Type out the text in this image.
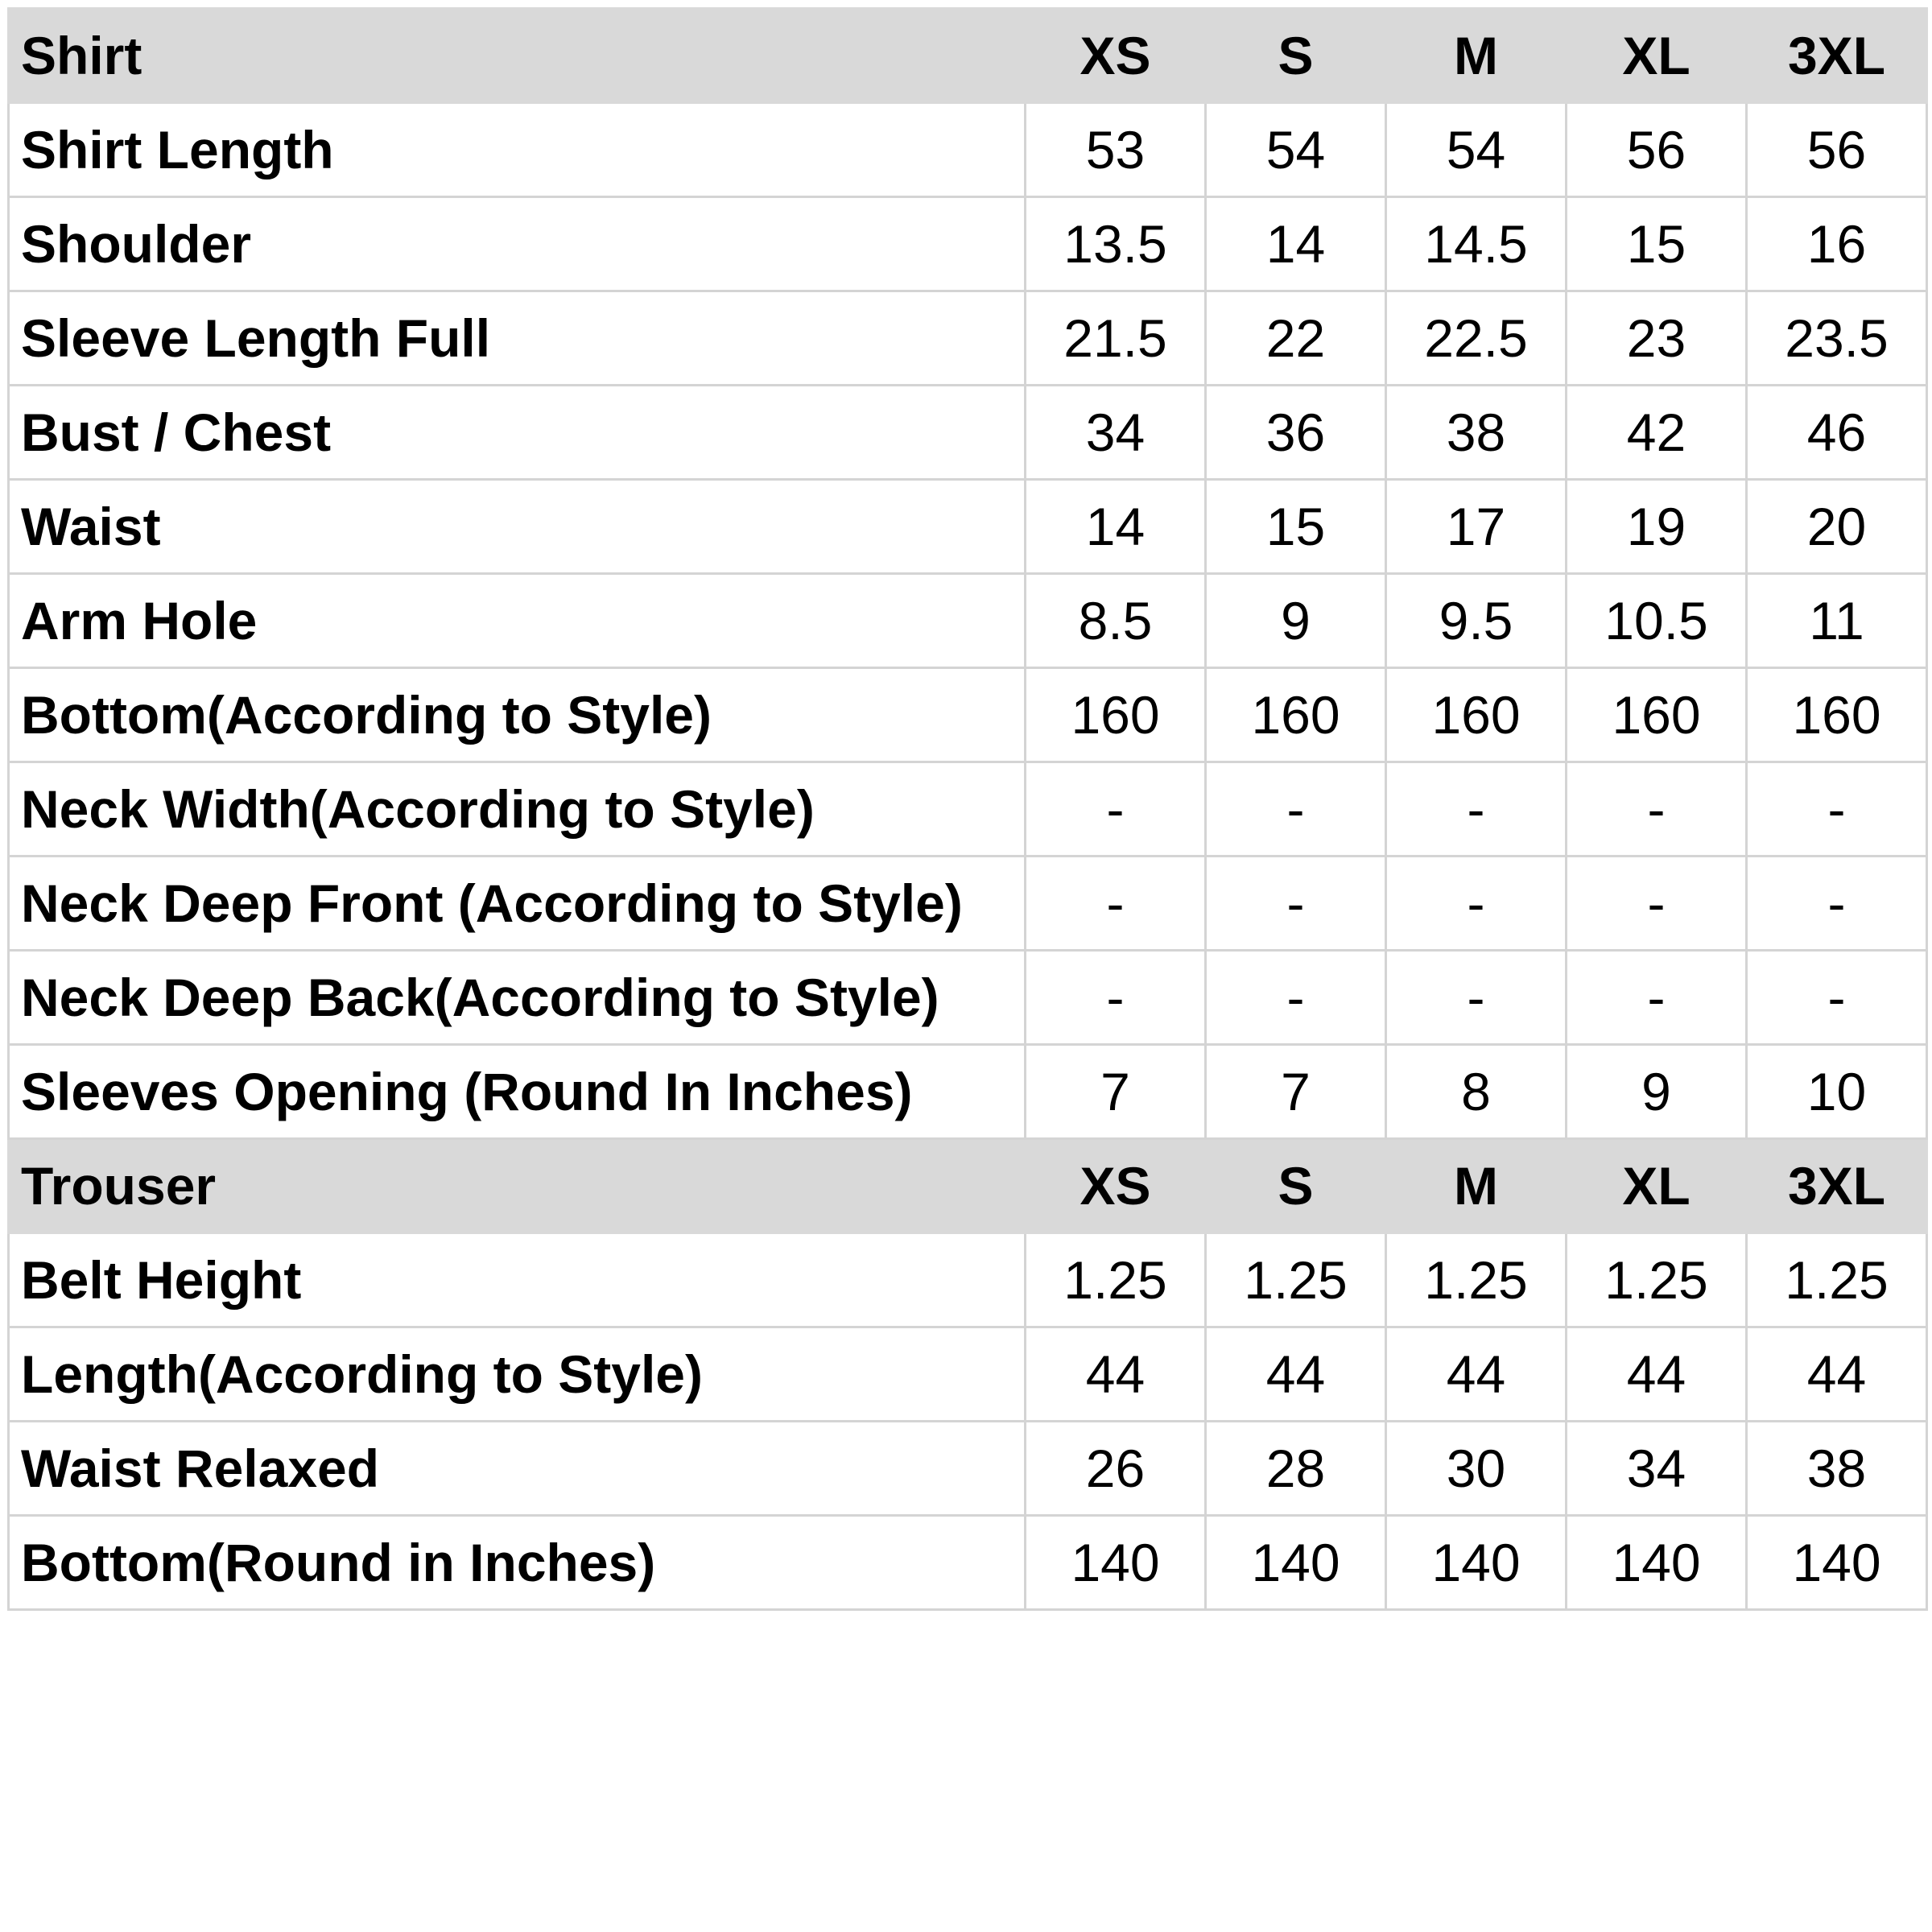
Shirt	XS	S	M	XL	3XL
Shirt Length	53	54	54	56	56
Shoulder	13.5	14	14.5	15	16
Sleeve Length Full	21.5	22	22.5	23	23.5
Bust / Chest	34	36	38	42	46
Waist	14	15	17	19	20
Arm Hole	8.5	9	9.5	10.5	11
Bottom(According to Style)	160	160	160	160	160
Neck Width(According to Style)	-	-	-	-	-
Neck Deep Front (According to Style)	-	-	-	-	-
Neck Deep Back(According to Style)	-	-	-	-	-
Sleeves Opening (Round In Inches)	7	7	8	9	10
Trouser	XS	S	M	XL	3XL
Belt Height	1.25	1.25	1.25	1.25	1.25
Length(According to Style)	44	44	44	44	44
Waist Relaxed	26	28	30	34	38
Bottom(Round in Inches)	140	140	140	140	140
